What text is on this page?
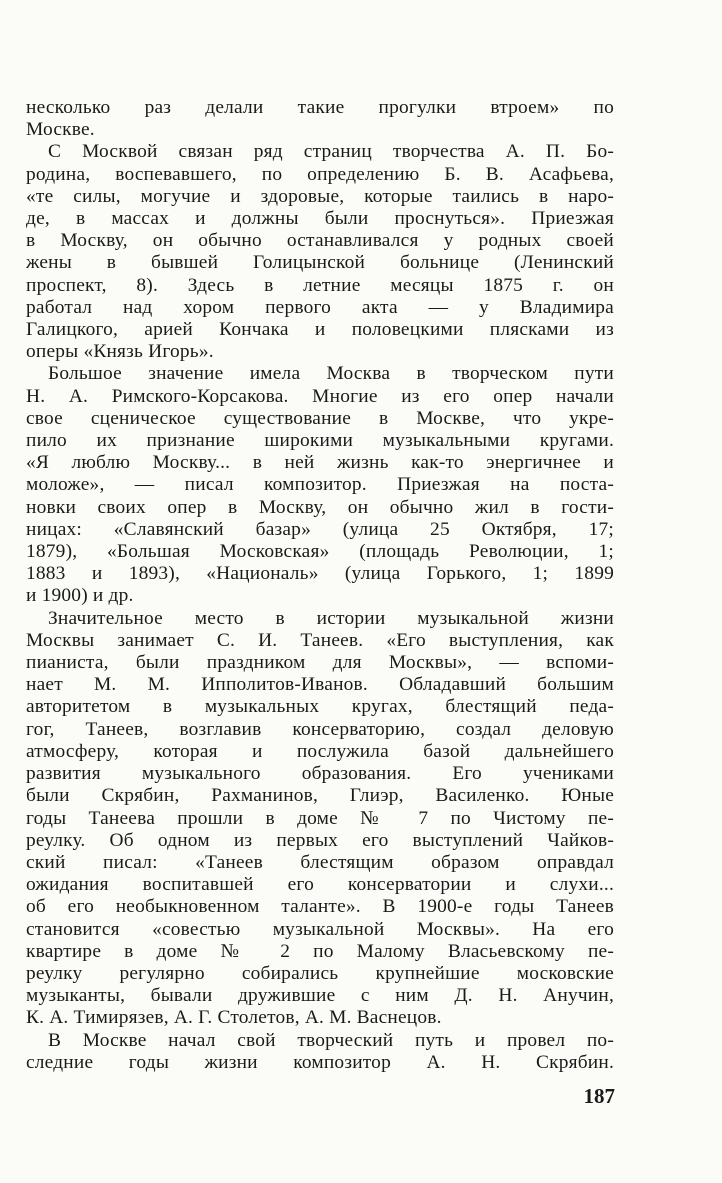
несколько раз делали такие прогулки втроем» по
Москве.

С Москвой связан ряд страниц творчества А. П. Бо-
родина, воспевавшего, по определению Б. В. Асафьева,
«те силы, могучие и здоровые, которые таились в наро-
де, в массах и должны были проснуться». Приезжая
в Москву, он обычно останавливался у родных своей
жены в бывшей Голицынской больнице (Ленинский
проспект, 8). Здесь в летние месяцы 1875 г. он
работал над хором первого акта — у Владимира
Галицкого, арией Кончака и половецкими плясками из
оперы «Князь Игорь».

Большое значение имела Москва в творческом пути
Н. А. Римского-Корсакова. Многие из его опер начали
свое сценическое существование в Москве, что укре-
пило их признание широкими музыкальными кругами.
«Я люблю Москву... в ней жизнь как-то энергичнее и
моложе», — писал композитор. Приезжая на поста-
новки своих опер в Москву, он обычно жил в гости-
ницах: «Славянский базар» (улица 25 Октября, 17;
1879), «Большая Московская» (площадь Революции, 1;
1883 и 1893), «Националь» (улица Горького, 1; 1899
и 1900) и др.

Значительное место в истории музыкальной жизни
Москвы занимает С. И. Танеев. «Его выступления, как
пианиста, были праздником для Москвы», — вспоми-
нает М. М. Ипполитов-Иванов. Обладавший большим
авторитетом в музыкальных кругах, блестящий педа-
гог, Танеев, возглавив консерваторию, создал деловую
атмосферу, которая и послужила базой дальнейшего
развития музыкального образования. Его учениками
были Скрябин, Рахманинов, Глиэр, Василенко. Юные
годы Танеева прошли в доме № 7 по Чистому пе-
реулку. Об одном из первых его выступлений Чайков-
ский писал: «Танеев блестящим образом оправдал
ожидания воспитавшей его консерватории и слухи...
об его необыкновенном таланте». В 1900-е годы Танеев
становится «совестью музыкальной Москвы». На его
квартире в доме № 2 по Малому Власьевскому пе-
реулку регулярно собирались крупнейшие московские
музыканты, бывали дружившие с ним Д. Н. Анучин,
К. А. Тимирязев, А. Г. Столетов, А. М. Васнецов.

В Москве начал свой творческий путь и провел по-
следние годы жизни композитор А. Н. Скрябин.

187
